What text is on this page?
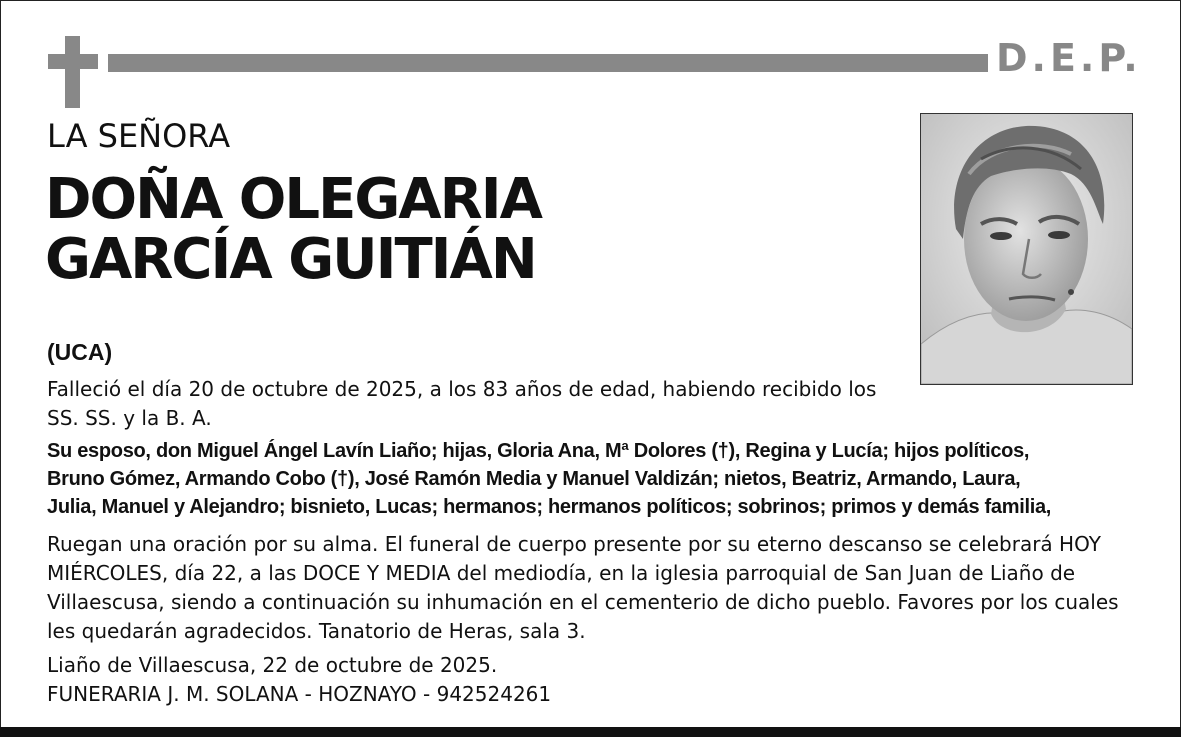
D.E.P.
LA SEÑORA
DOÑA OLEGARIA
GARCÍA GUITIÁN
(UCA)
Falleció el día 20 de octubre de 2025, a los 83 años de edad, habiendo recibido los
SS. SS. y la B. A.
Su esposo, don Miguel Ángel Lavín Liaño; hijas, Gloria Ana, Mª Dolores (†), Regina y Lucía; hijos políticos,
Bruno Gómez, Armando Cobo (†), José Ramón Media y Manuel Valdizán; nietos, Beatriz, Armando, Laura,
Julia, Manuel y Alejandro; bisnieto, Lucas; hermanos; hermanos políticos; sobrinos; primos y demás familia,
Ruegan una oración por su alma. El funeral de cuerpo presente por su eterno descanso se celebrará HOY
MIÉRCOLES, día 22, a las DOCE Y MEDIA del mediodía, en la iglesia parroquial de San Juan de Liaño de
Villaescusa, siendo a continuación su inhumación en el cementerio de dicho pueblo. Favores por los cuales
les quedarán agradecidos. Tanatorio de Heras, sala 3.
Liaño de Villaescusa, 22 de octubre de 2025.
FUNERARIA J. M. SOLANA - HOZNAYO - 942524261
